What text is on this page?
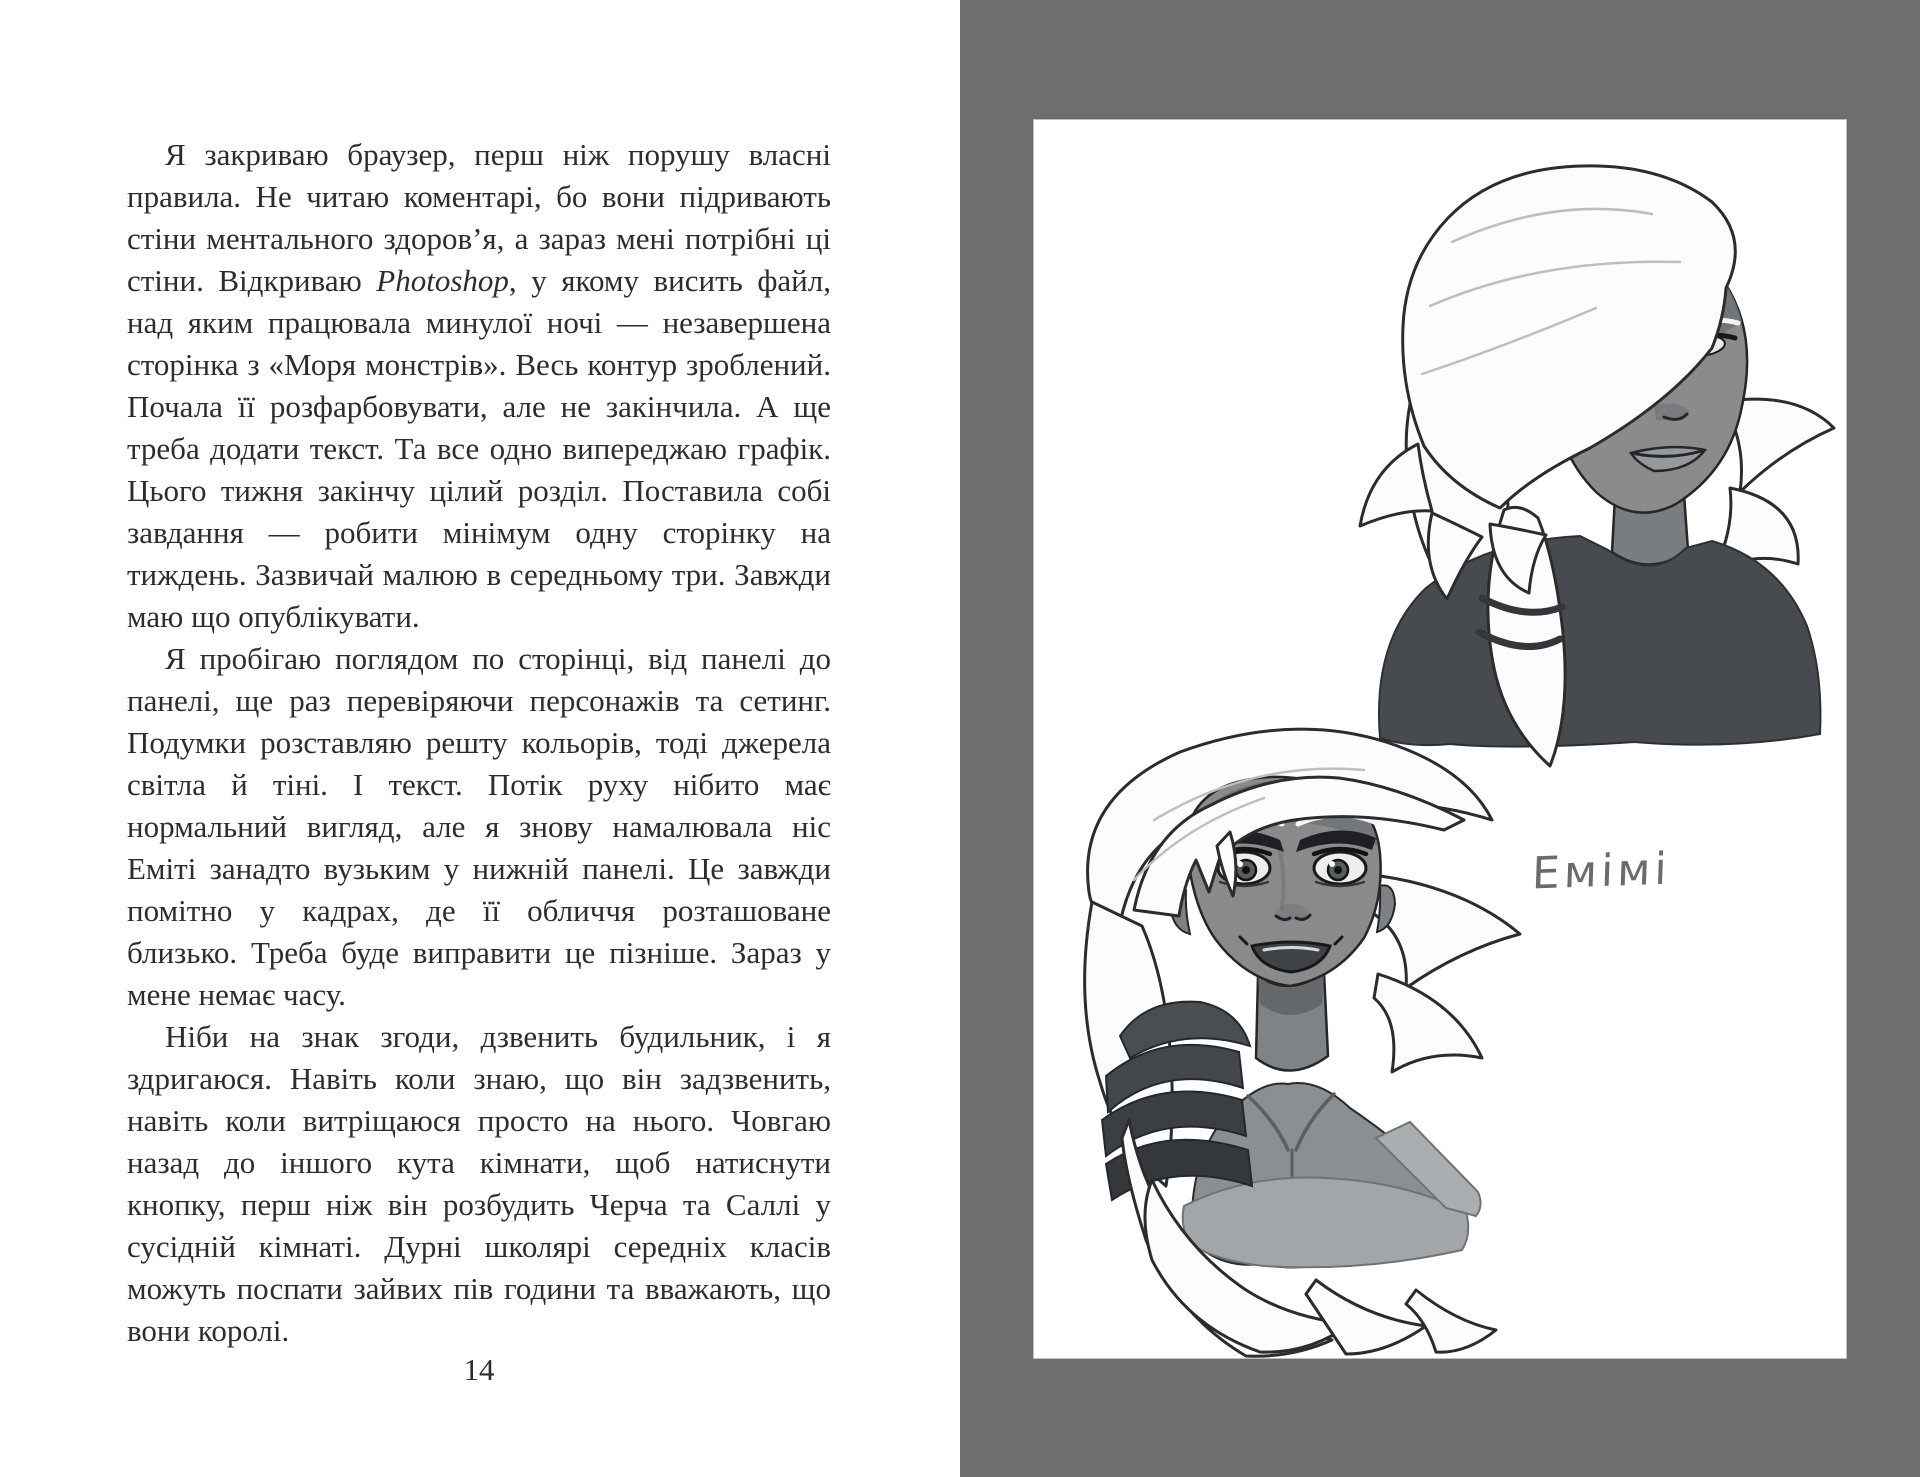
Я закриваю браузер, перш ніж порушу власні правила. Не читаю коментарі, бо вони підривають стіни ментального здоров’я, а зараз мені потрібні ці стіни. Відкриваю Photoshop, у якому висить файл, над яким працювала минулої ночі — незавершена сторінка з «Моря монстрів». Весь контур зроблений. Почала її розфарбовувати, але не закінчила. А ще треба додати текст. Та все одно випереджаю графік. Цього тижня закінчу цілий розділ. Поставила собі завдання — робити мінімум одну сторінку на тиждень. Зазвичай малюю в середньому три. Завжди маю що опублікувати.

Я пробігаю поглядом по сторінці, від панелі до панелі, ще раз перевіряючи персонажів та сетинг. Подумки розставляю решту кольорів, тоді джерела світла й тіні. І текст. Потік руху нібито має нормальний вигляд, але я знову намалювала ніс Еміті занадто вузьким у нижній панелі. Це завжди помітно у кадрах, де її обличчя розташоване близько. Треба буде виправити це пізніше. Зараз у мене немає часу.

Ніби на знак згоди, дзвенить будильник, і я здригаюся. Навіть коли знаю, що він задзвенить, навіть коли витріщаюся просто на нього. Човгаю назад до іншого кута кімнати, щоб натиснути кнопку, перш ніж він розбудить Черча та Саллі у сусідній кімнаті. Дурні школярі середніх класів можуть поспати зайвих пів години та вважають, що вони королі.

14
Емімі
